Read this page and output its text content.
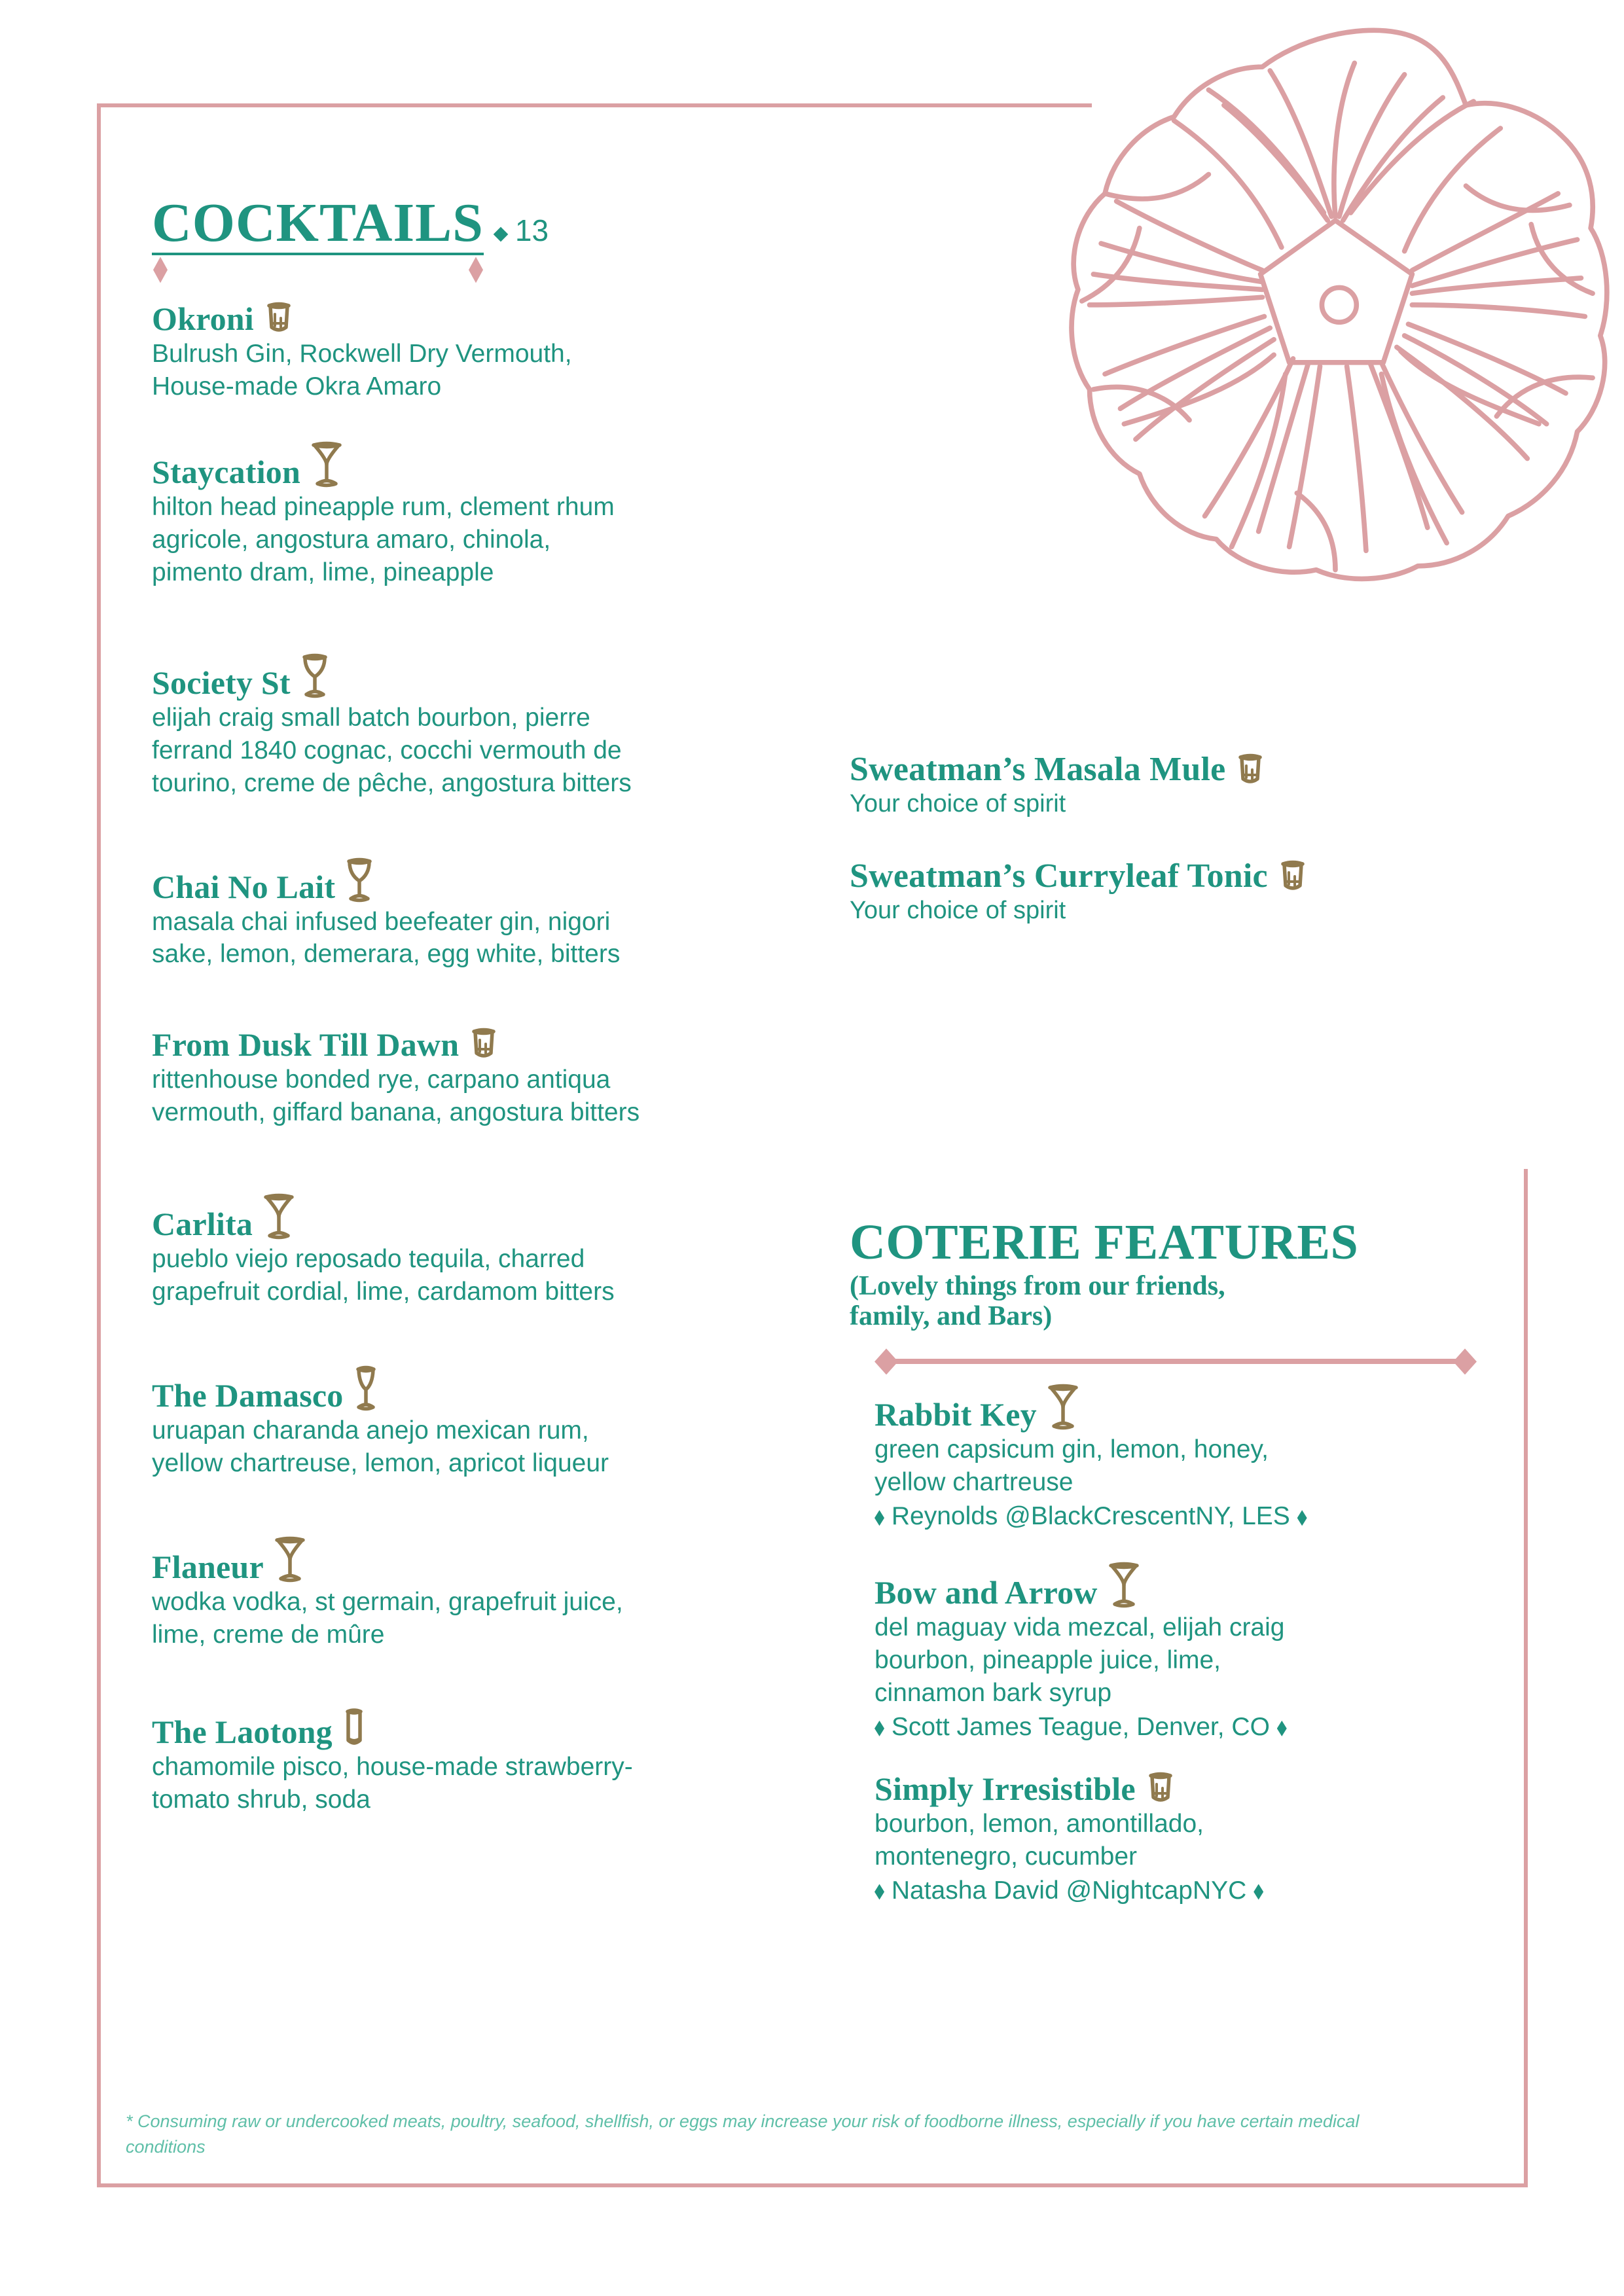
COCKTAILS	13
Okroni
Bulrush Gin, Rockwell Dry Vermouth,
House-made Okra Amaro
Staycation
hilton head pineapple rum, clement rhum
agricole, angostura amaro, chinola,
pimento dram, lime, pineapple
Society St
elijah craig small batch bourbon, pierre
ferrand 1840 cognac, cocchi vermouth de
tourino, creme de pêche, angostura bitters
Chai No Lait
masala chai infused beefeater gin, nigori
sake, lemon, demerara, egg white, bitters
From Dusk Till Dawn
rittenhouse bonded rye, carpano antiqua
vermouth, giffard banana, angostura bitters
Carlita
pueblo viejo reposado tequila, charred
grapefruit cordial, lime, cardamom bitters
The Damasco
uruapan charanda anejo mexican rum,
yellow chartreuse, lemon, apricot liqueur
Flaneur
wodka vodka, st germain, grapefruit juice,
lime, creme de mûre
The Laotong
chamomile pisco, house-made strawberry-
tomato shrub, soda
Sweatman’s Masala Mule
Your choice of spirit
Sweatman’s Curryleaf Tonic
Your choice of spirit
COTERIE FEATURES
(Lovely things from our friends,
family, and Bars)
Rabbit Key
green capsicum gin, lemon, honey,
yellow chartreuse
Reynolds @BlackCrescentNY, LES
Bow and Arrow
del maguay vida mezcal, elijah craig
bourbon, pineapple juice, lime,
cinnamon bark syrup
Scott James Teague, Denver, CO
Simply Irresistible
bourbon, lemon, amontillado,
montenegro, cucumber
Natasha David @NightcapNYC
* Consuming raw or undercooked meats, poultry, seafood, shellfish, or eggs may increase your risk of foodborne illness, especially if you have certain medical conditions
